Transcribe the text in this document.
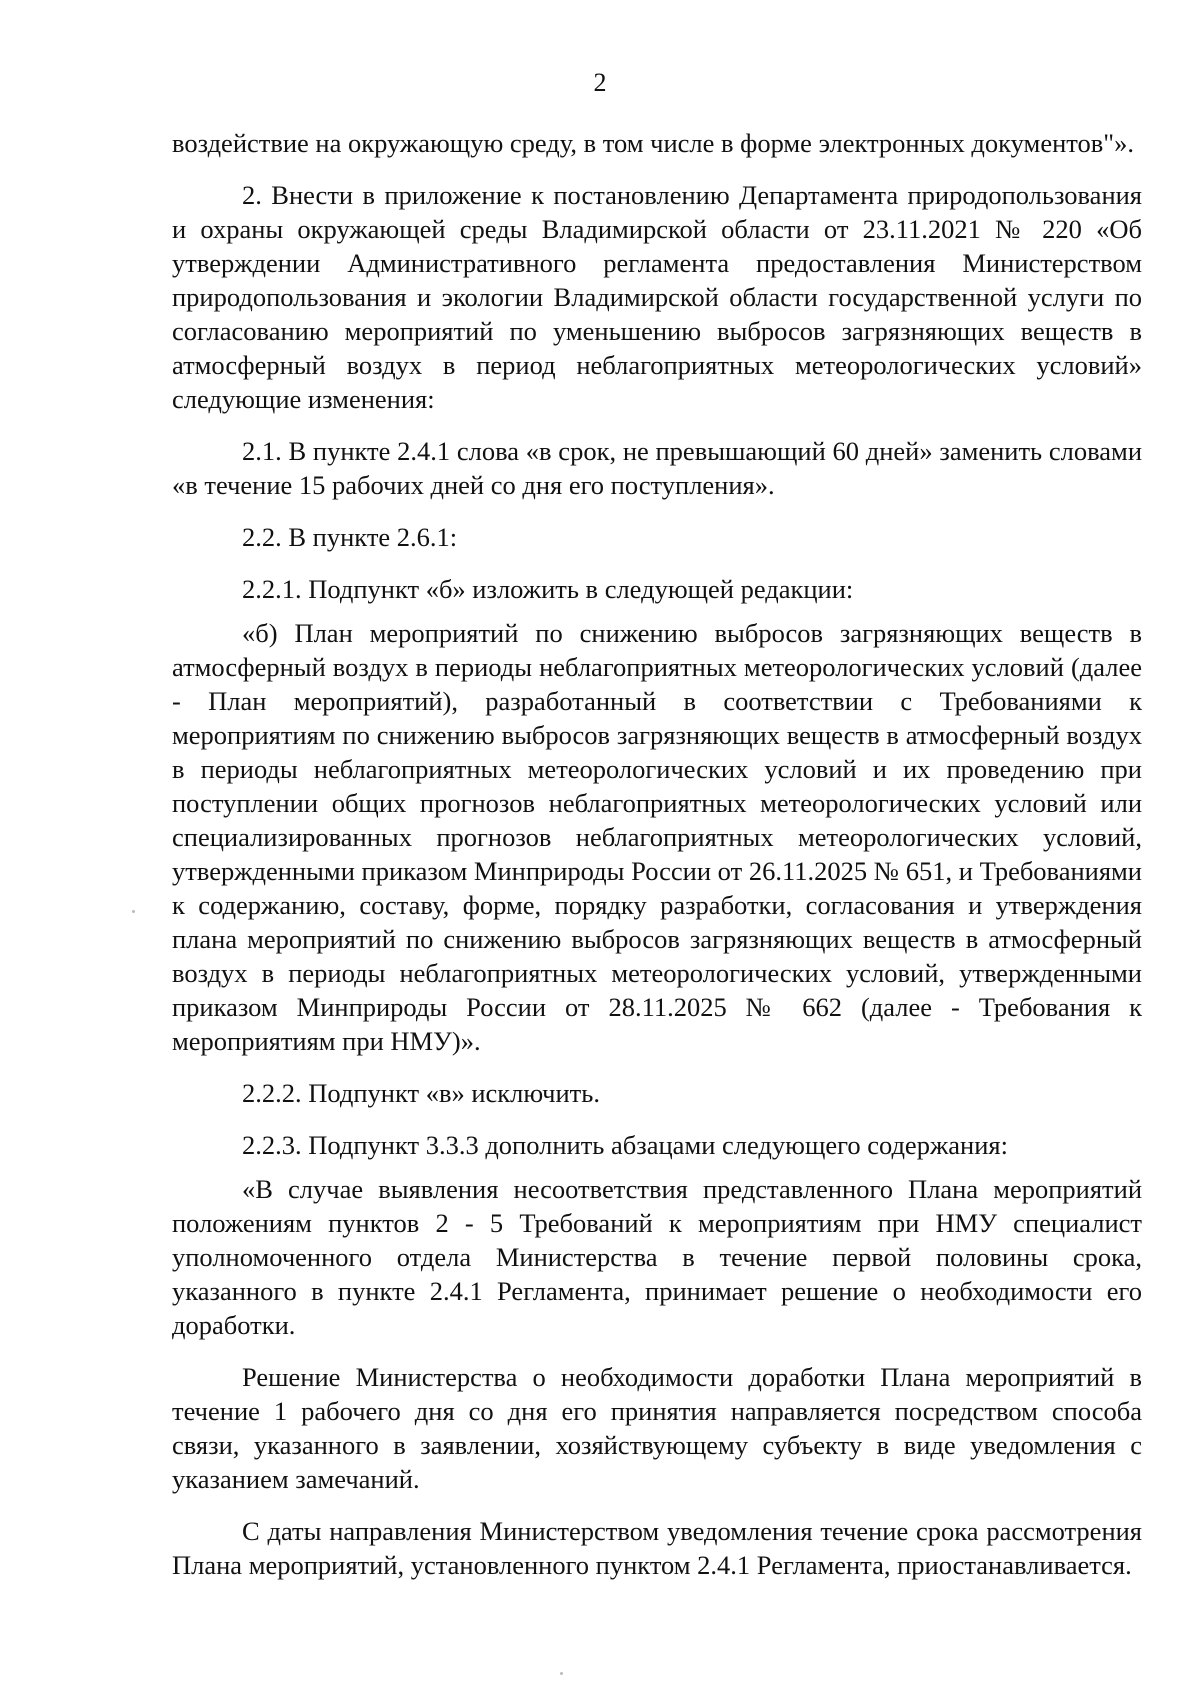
2

воздействие на окружающую среду, в том числе в форме электронных документов"».

2. Внести в приложение к постановлению Департамента природопользования и охраны окружающей среды Владимирской области от 23.11.2021 № 220 «Об утверждении Административного регламента предоставления Министерством природопользования и экологии Владимирской области государственной услуги по согласованию мероприятий по уменьшению выбросов загрязняющих веществ в атмосферный воздух в период неблагоприятных метеорологических условий» следующие изменения:

2.1. В пункте 2.4.1 слова «в срок, не превышающий 60 дней» заменить словами «в течение 15 рабочих дней со дня его поступления».

2.2. В пункте 2.6.1:

2.2.1. Подпункт «б» изложить в следующей редакции:

«б) План мероприятий по снижению выбросов загрязняющих веществ в атмосферный воздух в периоды неблагоприятных метеорологических условий (далее - План мероприятий), разработанный в соответствии с Требованиями к мероприятиям по снижению выбросов загрязняющих веществ в атмосферный воздух в периоды неблагоприятных метеорологических условий и их проведению при поступлении общих прогнозов неблагоприятных метеорологических условий или специализированных прогнозов неблагоприятных метеорологических условий, утвержденными приказом Минприроды России от 26.11.2025 № 651, и Требованиями к содержанию, составу, форме, порядку разработки, согласования и утверждения плана мероприятий по снижению выбросов загрязняющих веществ в атмосферный воздух в периоды неблагоприятных метеорологических условий, утвержденными приказом Минприроды России от 28.11.2025 № 662 (далее - Требования к мероприятиям при НМУ)».

2.2.2. Подпункт «в» исключить.

2.2.3. Подпункт 3.3.3 дополнить абзацами следующего содержания:

«В случае выявления несоответствия представленного Плана мероприятий положениям пунктов 2 - 5 Требований к мероприятиям при НМУ специалист уполномоченного отдела Министерства в течение первой половины срока, указанного в пункте 2.4.1 Регламента, принимает решение о необходимости его доработки.

Решение Министерства о необходимости доработки Плана мероприятий в течение 1 рабочего дня со дня его принятия направляется посредством способа связи, указанного в заявлении, хозяйствующему субъекту в виде уведомления с указанием замечаний.

С даты направления Министерством уведомления течение срока рассмотрения Плана мероприятий, установленного пунктом 2.4.1 Регламента, приостанавливается.
